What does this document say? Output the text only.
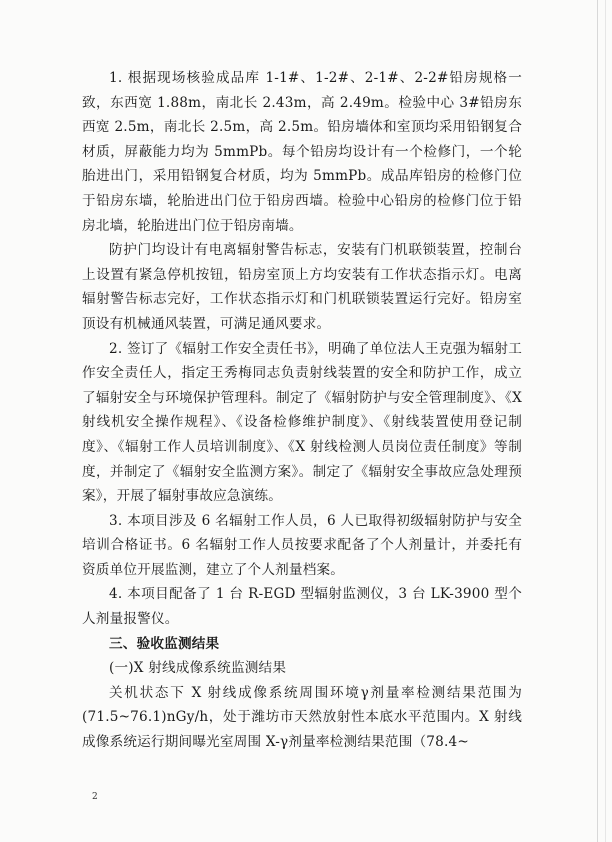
1. 根据现场核验成品库 1-1#、1-2#、2-1#、2-2#铅房规格一致，东西宽 1.88m，南北长 2.43m，高 2.49m。检验中心 3#铅房东西宽 2.5m，南北长 2.5m，高 2.5m。铅房墙体和室顶均采用铅钢复合材质，屏蔽能力均为 5mmPb。每个铅房均设计有一个检修门，一个轮胎进出门，采用铅钢复合材质，均为 5mmPb。成品库铅房的检修门位于铅房东墙，轮胎进出门位于铅房西墙。检验中心铅房的检修门位于铅房北墙，轮胎进出门位于铅房南墙。

防护门均设计有电离辐射警告标志，安装有门机联锁装置，控制台上设置有紧急停机按钮，铅房室顶上方均安装有工作状态指示灯。电离辐射警告标志完好，工作状态指示灯和门机联锁装置运行完好。铅房室顶设有机械通风装置，可满足通风要求。

2. 签订了《辐射工作安全责任书》，明确了单位法人王克强为辐射工作安全责任人，指定王秀梅同志负责射线装置的安全和防护工作，成立了辐射安全与环境保护管理科。制定了《辐射防护与安全管理制度》、《X 射线机安全操作规程》、《设备检修维护制度》、《射线装置使用登记制度》、《辐射工作人员培训制度》、《X 射线检测人员岗位责任制度》等制度，并制定了《辐射安全监测方案》。制定了《辐射安全事故应急处理预案》，开展了辐射事故应急演练。

3. 本项目涉及 6 名辐射工作人员，6 人已取得初级辐射防护与安全培训合格证书。6 名辐射工作人员按要求配备了个人剂量计，并委托有资质单位开展监测，建立了个人剂量档案。

4. 本项目配备了 1 台 R-EGD 型辐射监测仪，3 台 LK-3900 型个人剂量报警仪。

三、验收监测结果

(一)X 射线成像系统监测结果

关机状态下 X 射线成像系统周围环境γ剂量率检测结果范围为(71.5~76.1)nGy/h，处于潍坊市天然放射性本底水平范围内。X 射线成像系统运行期间曝光室周围 X-γ剂量率检测结果范围（78.4~

2
